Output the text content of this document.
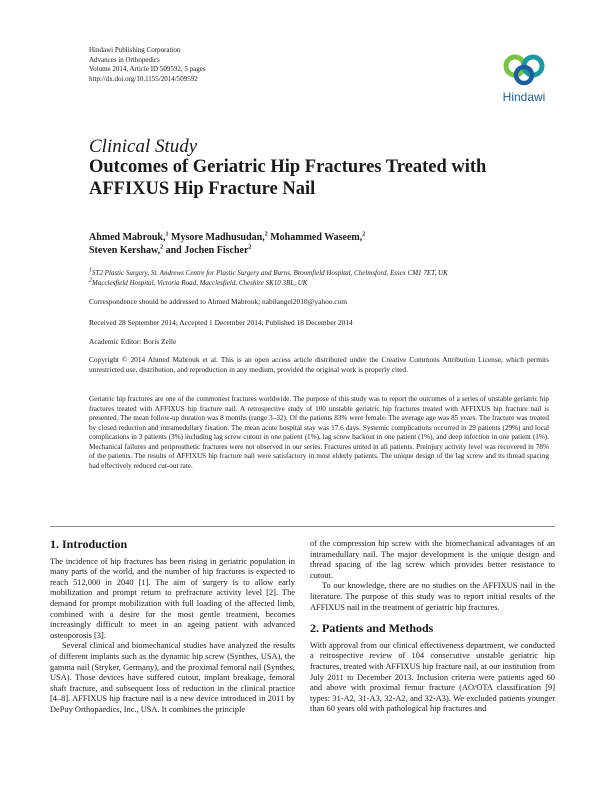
Hindawi Publishing Corporation
Advances in Orthopedics
Volume 2014, Article ID 509592, 5 pages
http://dx.doi.org/10.1155/2014/509592
Hindawi
Clinical Study
Outcomes of Geriatric Hip Fractures Treated with
AFFIXUS Hip Fracture Nail
Ahmed Mabrouk,$^1$ Mysore Madhusudan,$^2$ Mohammed Waseem,$^2$
Steven Kershaw,$^2$ and Jochen Fischer$^2$
$^1$ST2 Plastic Surgery, St. Andrews Centre for Plastic Surgery and Burns, Broomfield Hospital, Chelmsford, Essex CM1 7ET, UK
$^2$Macclesfield Hospital, Victoria Road, Macclesfield, Cheshire SK10 3BL, UK
Correspondence should be addressed to Ahmed Mabrouk; nabilangel2010@yahoo.com
Received 28 September 2014; Accepted 1 December 2014; Published 18 December 2014
Academic Editor: Boris Zelle
Copyright © 2014 Ahmed Mabrouk et al. This is an open access article distributed under the Creative Commons Attribution License, which permits unrestricted use, distribution, and reproduction in any medium, provided the original work is properly cited.
Geriatric hip fractures are one of the commonest fractures worldwide. The purpose of this study was to report the outcomes of a series of unstable geriatric hip fractures treated with AFFIXUS hip fracture nail. A retrospective study of 100 unstable geriatric hip fractures treated with AFFIXUS hip fracture nail is presented. The mean follow-up duration was 8 months (range 3–32). Of the patients 83% were female. The average age was 85 years. The fracture was treated by closed reduction and intramedullary fixation. The mean acute hospital stay was 17.6 days. Systemic complications occurred in 29 patients (29%) and local complications in 3 patients (3%) including lag screw cutout in one patient (1%), lag screw backout in one patient (1%), and deep infection in one patient (1%). Mechanical failures and periprosthetic fractures were not observed in our series. Fractures united in all patients. Preinjury activity level was recovered in 78% of the patients. The results of AFFIXUS hip fracture nail were satisfactory in most elderly patients. The unique design of the lag screw and its thread spacing had effectively reduced cut-out rate.
1. Introduction

The incidence of hip fractures has been rising in geriatric population in many parts of the world, and the number of hip fractures is expected to reach 512,000 in 2040 [1]. The aim of surgery is to allow early mobilization and prompt return to prefracture activity level [2]. The demand for prompt mobilization with full loading of the affected limb, combined with a desire for the most gentle treatment, becomes increasingly difficult to meet in an ageing patient with advanced osteoporosis [3].

Several clinical and biomechanical studies have analyzed the results of different implants such as the dynamic hip screw (Synthes, USA), the gamma nail (Stryker, Germany), and the proximal femoral nail (Synthes, USA). Those devices have suffered cutout, implant breakage, femoral shaft fracture, and subsequent loss of reduction in the clinical practice [4–8]. AFFIXUS hip fracture nail is a new device introduced in 2011 by DePuy Orthopaedics, Inc., USA. It combines the principle

of the compression hip screw with the biomechanical advantages of an intramedullary nail. The major development is the unique design and thread spacing of the lag screw which provides better resistance to cutout.

To our knowledge, there are no studies on the AFFIXUS nail in the literature. The purpose of this study was to report initial results of the AFFIXUS nail in the treatment of geriatric hip fractures.

2. Patients and Methods

With approval from our clinical effectiveness department, we conducted a retrospective review of 104 consecutive unstable geriatric hip fractures, treated with AFFIXUS hip fracture nail, at our institution from July 2011 to December 2013. Inclusion criteria were patients aged 60 and above with proximal femur fracture (AO/OTA classification [9] types: 31-A2, 31-A3, 32-A2, and 32-A3). We excluded patients younger than 60 years old with pathological hip fractures and
